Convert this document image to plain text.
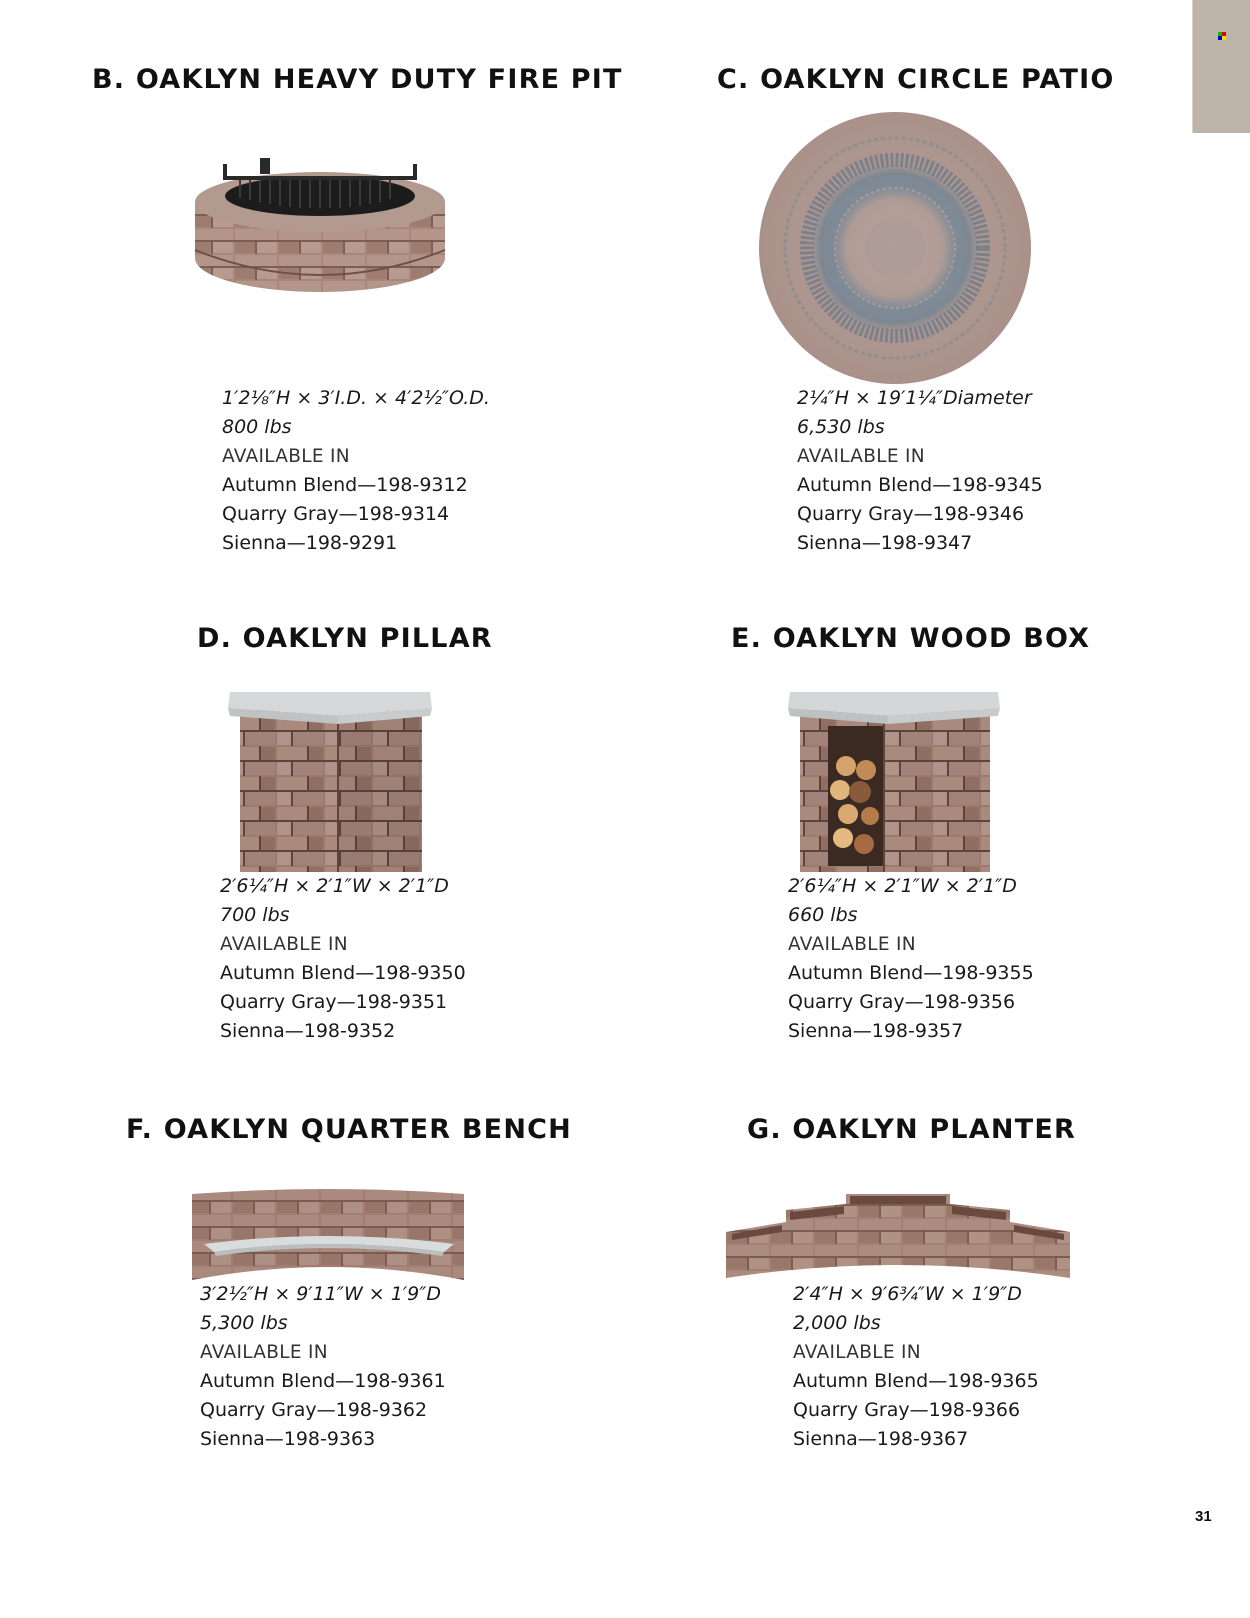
B. OAKLYN HEAVY DUTY FIRE PIT
1′2⅛″H × 3′I.D. × 4′2½″O.D.
800 lbs
AVAILABLE IN
Autumn Blend—198-9312
Quarry Gray—198-9314
Sienna—198-9291
C. OAKLYN CIRCLE PATIO
2¼″H × 19′1¼″Diameter
6,530 lbs
AVAILABLE IN
Autumn Blend—198-9345
Quarry Gray—198-9346
Sienna—198-9347
D. OAKLYN PILLAR
2′6¼″H × 2′1″W × 2′1″D
700 lbs
AVAILABLE IN
Autumn Blend—198-9350
Quarry Gray—198-9351
Sienna—198-9352
E. OAKLYN WOOD BOX
2′6¼″H × 2′1″W × 2′1″D
660 lbs
AVAILABLE IN
Autumn Blend—198-9355
Quarry Gray—198-9356
Sienna—198-9357
F. OAKLYN QUARTER BENCH
3′2½″H × 9′11″W × 1′9″D
5,300 lbs
AVAILABLE IN
Autumn Blend—198-9361
Quarry Gray—198-9362
Sienna—198-9363
G. OAKLYN PLANTER
2′4″H × 9′6¾″W × 1′9″D
2,000 lbs
AVAILABLE IN
Autumn Blend—198-9365
Quarry Gray—198-9366
Sienna—198-9367
31
